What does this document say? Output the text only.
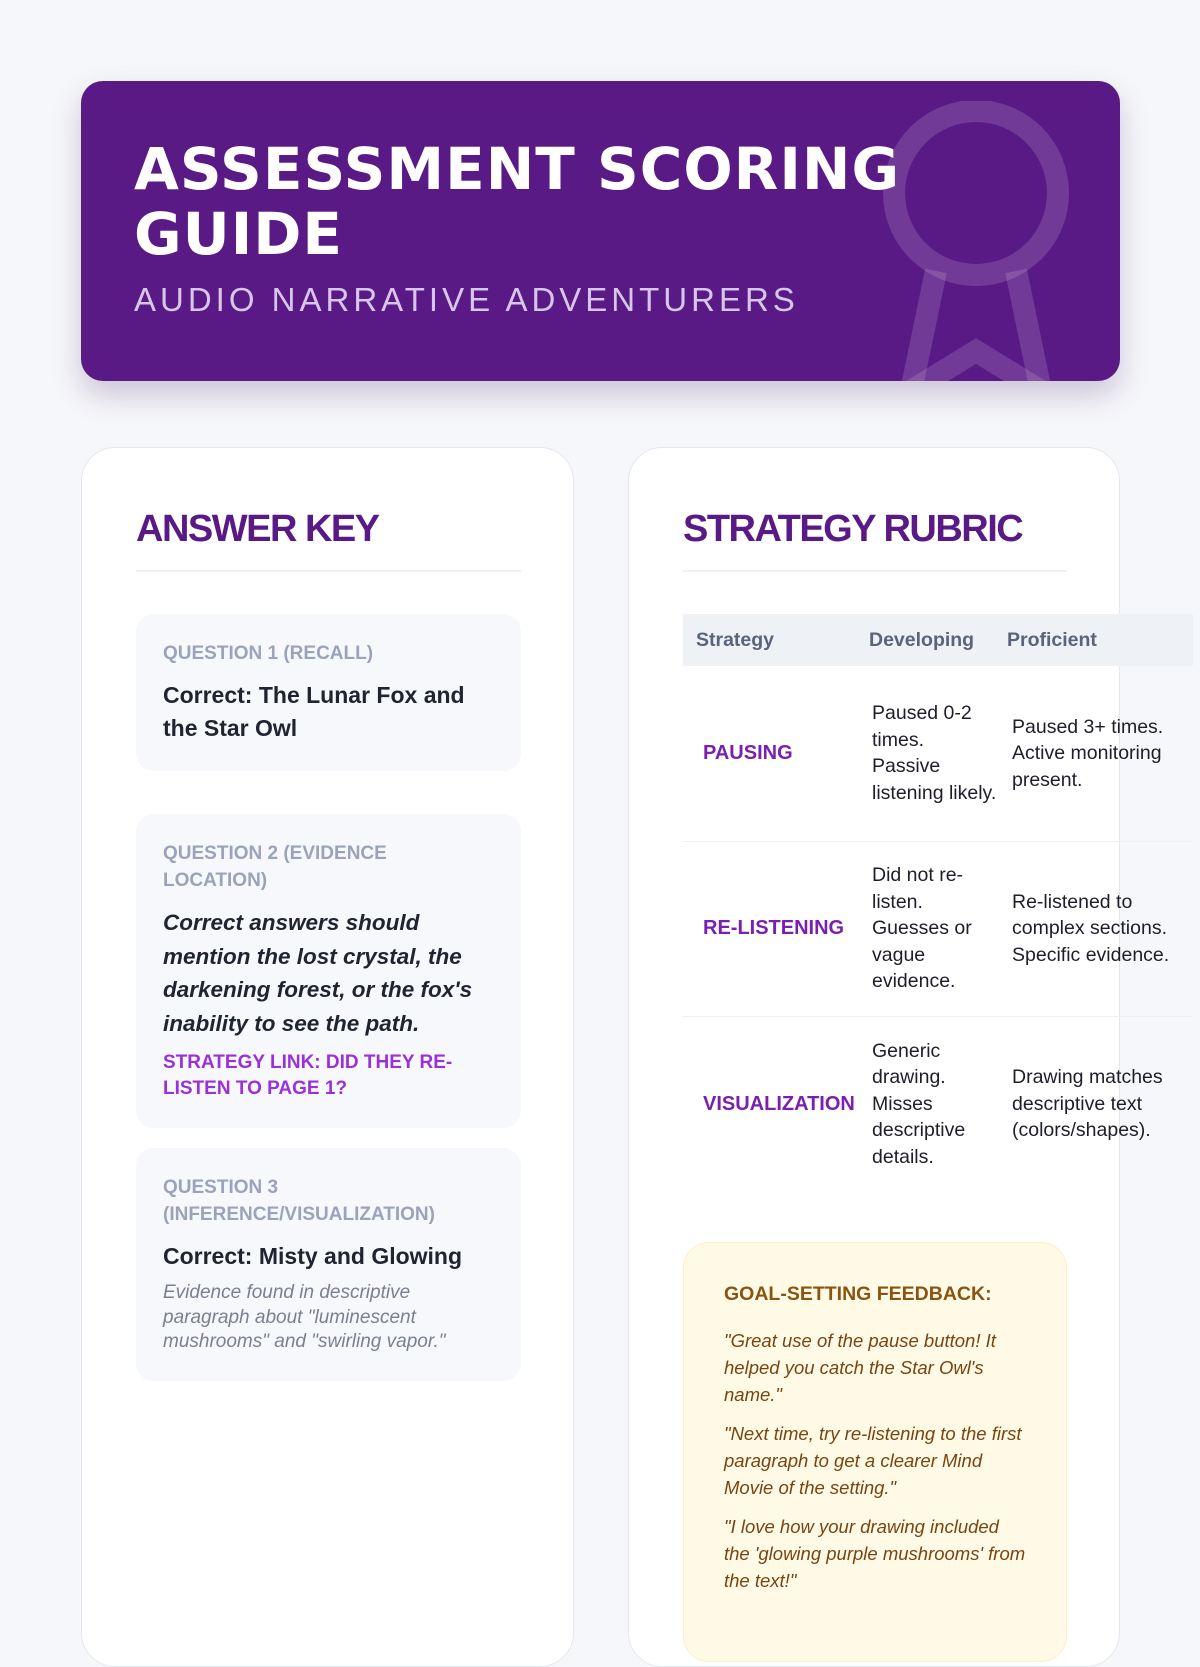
ASSESSMENT SCORING GUIDE
AUDIO NARRATIVE ADVENTURERS
ANSWER KEY
QUESTION 1 (RECALL)
Correct: The Lunar Fox and the Star Owl
QUESTION 2 (EVIDENCE LOCATION)
Correct answers should mention the lost crystal, the darkening forest, or the fox's inability to see the path.
STRATEGY LINK: DID THEY RE-LISTEN TO PAGE 1?
QUESTION 3 (INFERENCE/VISUALIZATION)
Correct: Misty and Glowing
Evidence found in descriptive paragraph about "luminescent mushrooms" and "swirling vapor."
STRATEGY RUBRIC
Strategy	Developing	Proficient
PAUSING	Paused 0-2 times. Passive listening likely.	Paused 3+ times. Active monitoring present.
RE-LISTENING	Did not re-listen. Guesses or vague evidence.	Re-listened to complex sections. Specific evidence.
VISUALIZATION	Generic drawing. Misses descriptive details.	Drawing matches descriptive text (colors/shapes).
GOAL-SETTING FEEDBACK:

"Great use of the pause button! It helped you catch the Star Owl's name."

"Next time, try re-listening to the first paragraph to get a clearer Mind Movie of the setting."

"I love how your drawing included the 'glowing purple mushrooms' from the text!"
